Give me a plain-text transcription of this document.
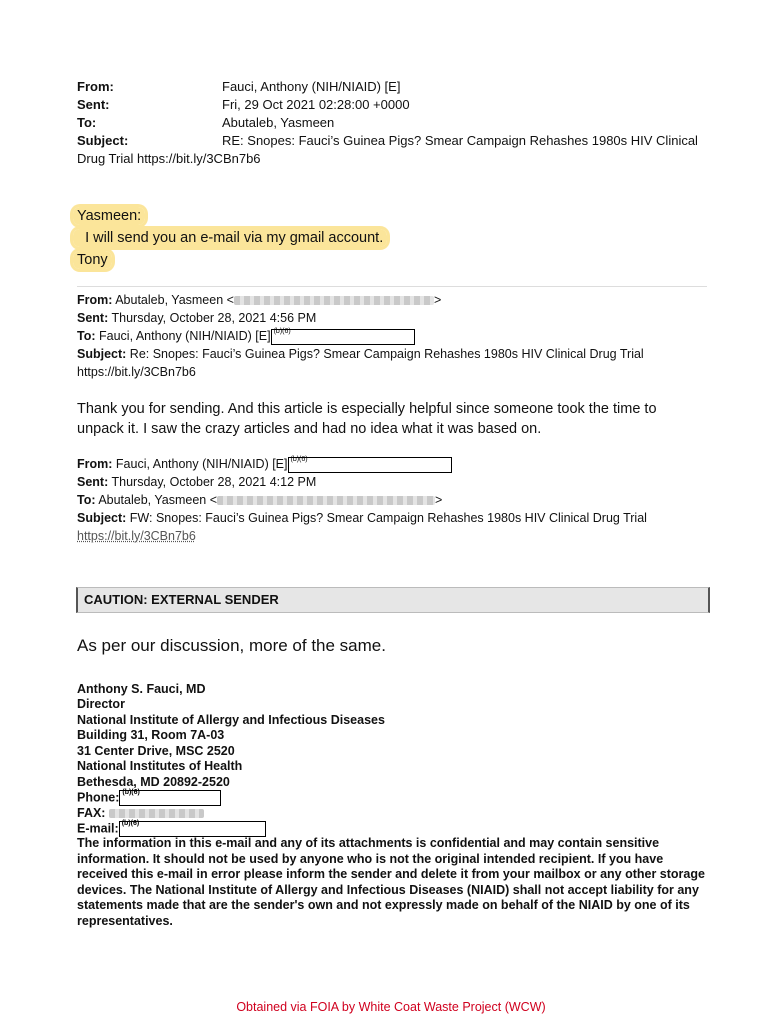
From:	Fauci, Anthony (NIH/NIAID) [E]
Sent:	Fri, 29 Oct 2021 02:28:00 +0000
To:	Abutaleb, Yasmeen
Subject:	RE: Snopes: Fauci’s Guinea Pigs? Smear Campaign Rehashes 1980s HIV Clinical
Drug Trial https://bit.ly/3CBn7b6
Yasmeen:
I will send you an e-mail via my gmail account.
Tony
From: Abutaleb, Yasmeen <	>
Sent: Thursday, October 28, 2021 4:56 PM
To: Fauci, Anthony (NIH/NIAID) [E] (b)(6)
Subject: Re: Snopes: Fauci’s Guinea Pigs? Smear Campaign Rehashes 1980s HIV Clinical Drug Trial
https://bit.ly/3CBn7b6
Thank you for sending. And this article is especially helpful since someone took the time to
unpack it. I saw the crazy articles and had no idea what it was based on.
From: Fauci, Anthony (NIH/NIAID) [E] (b)(6)
Sent: Thursday, October 28, 2021 4:12 PM
To: Abutaleb, Yasmeen <	>
Subject: FW: Snopes: Fauci’s Guinea Pigs? Smear Campaign Rehashes 1980s HIV Clinical Drug Trial
https://bit.ly/3CBn7b6
CAUTION: EXTERNAL SENDER
As per our discussion, more of the same.
Anthony S. Fauci, MD
Director
National Institute of Allergy and Infectious Diseases
Building 31, Room 7A-03
31 Center Drive, MSC 2520
National Institutes of Health
Bethesda, MD 20892-2520
Phone: (b)(6)
FAX:
E-mail: (b)(6)
The information in this e-mail and any of its attachments is confidential and may contain sensitive information. It should not be used by anyone who is not the original intended recipient. If you have received this e-mail in error please inform the sender and delete it from your mailbox or any other storage devices. The National Institute of Allergy and Infectious Diseases (NIAID) shall not accept liability for any statements made that are the sender's own and not expressly made on behalf of the NIAID by one of its representatives.
Obtained via FOIA by White Coat Waste Project (WCW)
